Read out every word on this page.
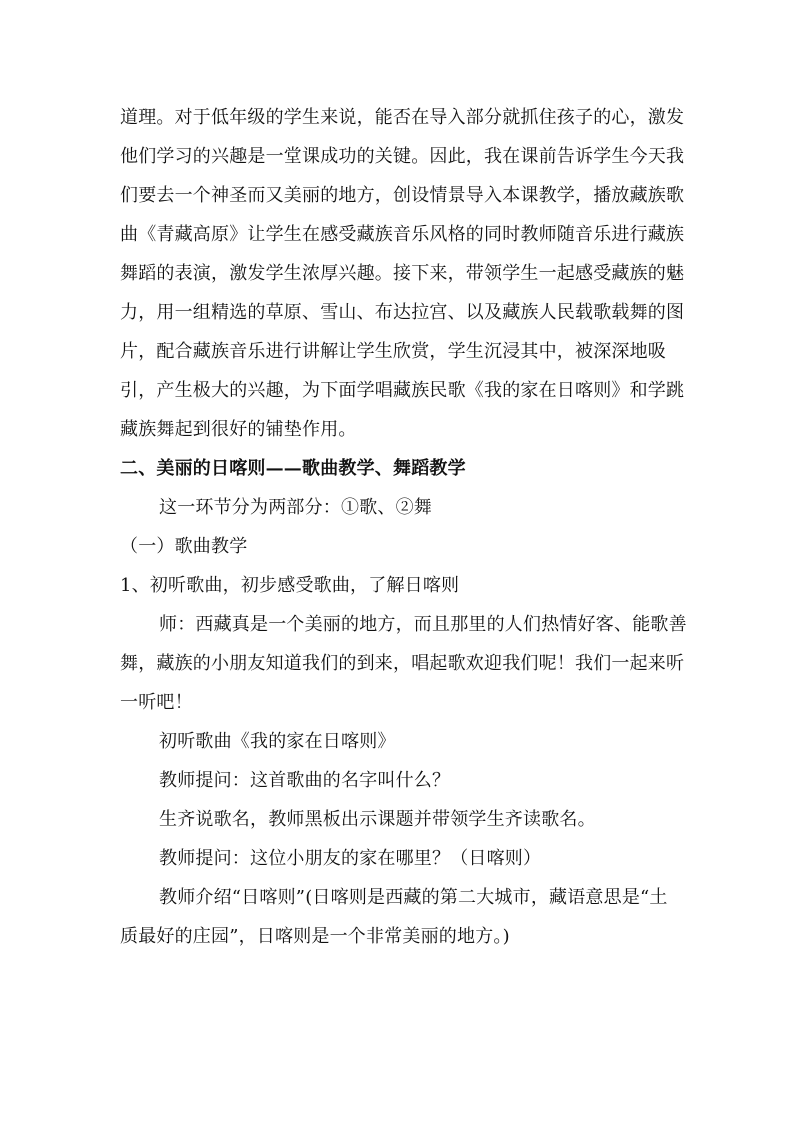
道理。对于低年级的学生来说，能否在导入部分就抓住孩子的心，激发
他们学习的兴趣是一堂课成功的关键。因此，我在课前告诉学生今天我
们要去一个神圣而又美丽的地方，创设情景导入本课教学，播放藏族歌
曲《青藏高原》让学生在感受藏族音乐风格的同时教师随音乐进行藏族
舞蹈的表演，激发学生浓厚兴趣。接下来，带领学生一起感受藏族的魅
力，用一组精选的草原、雪山、布达拉宫、以及藏族人民载歌载舞的图
片，配合藏族音乐进行讲解让学生欣赏，学生沉浸其中，被深深地吸
引，产生极大的兴趣，为下面学唱藏族民歌《我的家在日喀则》和学跳
藏族舞起到很好的铺垫作用。
二、美丽的日喀则——歌曲教学、舞蹈教学
这一环节分为两部分：①歌、②舞
（一）歌曲教学
1、初听歌曲，初步感受歌曲，了解日喀则
师：西藏真是一个美丽的地方，而且那里的人们热情好客、能歌善
舞，藏族的小朋友知道我们的到来，唱起歌欢迎我们呢！我们一起来听
一听吧！
初听歌曲《我的家在日喀则》
教师提问：这首歌曲的名字叫什么？
生齐说歌名，教师黑板出示课题并带领学生齐读歌名。
教师提问：这位小朋友的家在哪里？（日喀则）
教师介绍“日喀则”(日喀则是西藏的第二大城市，藏语意思是“土
质最好的庄园”，日喀则是一个非常美丽的地方。)
